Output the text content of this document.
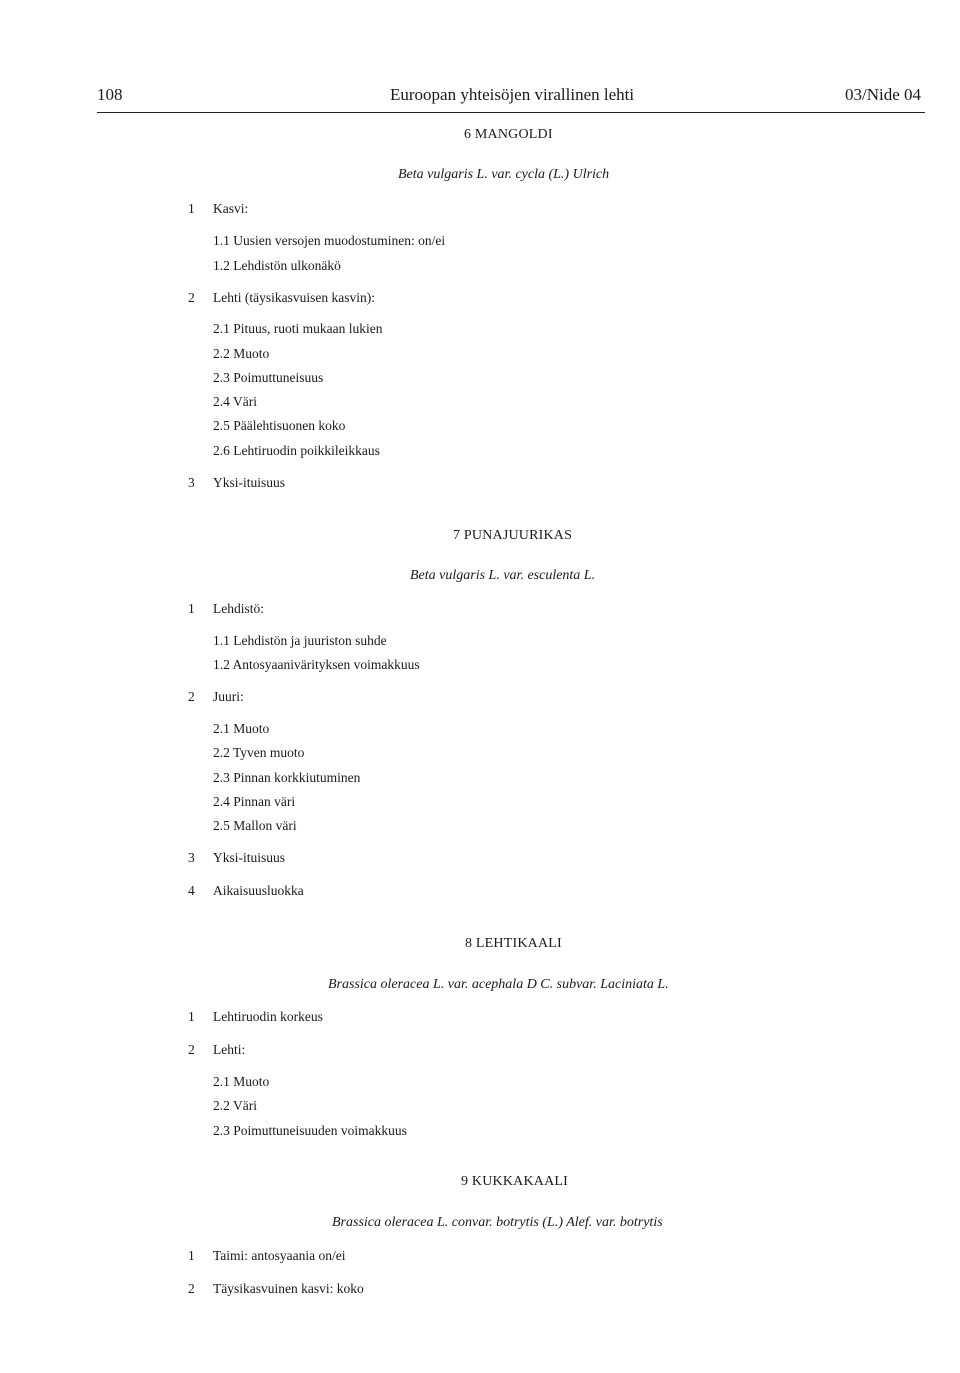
108	Euroopan yhteisöjen virallinen lehti	03/Nide 04
6 MANGOLDI
Beta vulgaris L. var. cycla (L.) Ulrich
1 Kasvi:
1.1 Uusien versojen muodostuminen: on/ei
1.2 Lehdistön ulkonäkö
2 Lehti (täysikasvuisen kasvin):
2.1 Pituus, ruoti mukaan lukien
2.2 Muoto
2.3 Poimuttuneisuus
2.4 Väri
2.5 Päälehtisuonen koko
2.6 Lehtiruodin poikkileikkaus
3 Yksi-ituisuus
7 PUNAJUURIKAS
Beta vulgaris L. var. esculenta L.
1 Lehdistö:
1.1 Lehdistön ja juuriston suhde
1.2 Antosyaanivärityksen voimakkuus
2 Juuri:
2.1 Muoto
2.2 Tyven muoto
2.3 Pinnan korkkiutuminen
2.4 Pinnan väri
2.5 Mallon väri
3 Yksi-ituisuus
4 Aikaisuusluokka
8 LEHTIKAALI
Brassica oleracea L. var. acephala D C. subvar. Laciniata L.
1 Lehtiruodin korkeus
2 Lehti:
2.1 Muoto
2.2 Väri
2.3 Poimuttuneisuuden voimakkuus
9 KUKKAKAALI
Brassica oleracea L. convar. botrytis (L.) Alef. var. botrytis
1 Taimi: antosyaania on/ei
2 Täysikasvuinen kasvi: koko
